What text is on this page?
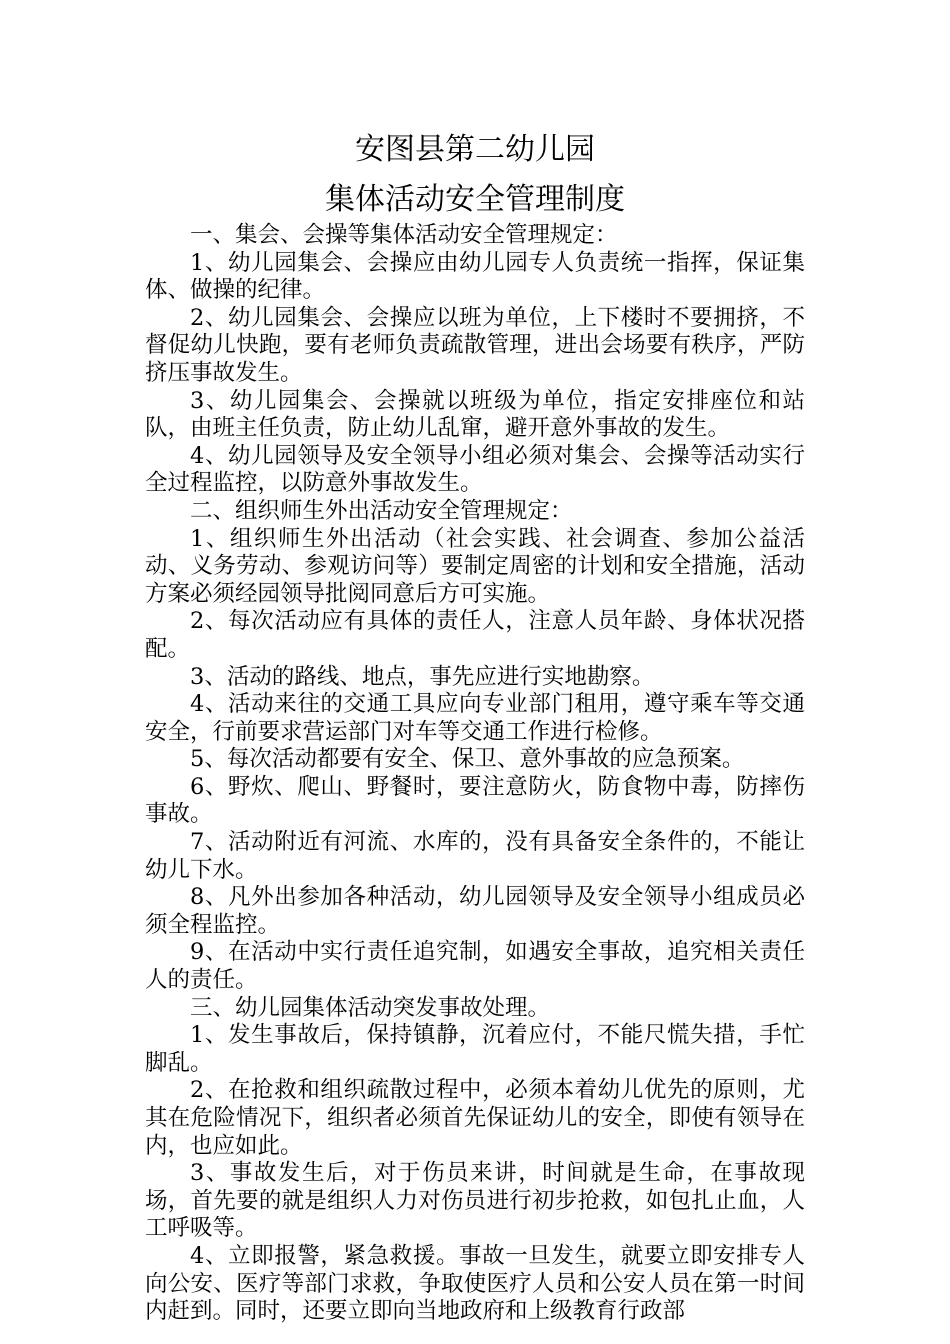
安图县第二幼儿园
集体活动安全管理制度

一、集会、会操等集体活动安全管理规定：

1、幼儿园集会、会操应由幼儿园专人负责统一指挥，保证集体、做操的纪律。

2、幼儿园集会、会操应以班为单位，上下楼时不要拥挤，不督促幼儿快跑，要有老师负责疏散管理，进出会场要有秩序，严防挤压事故发生。

3、幼儿园集会、会操就以班级为单位，指定安排座位和站队，由班主任负责，防止幼儿乱窜，避开意外事故的发生。

4、幼儿园领导及安全领导小组必须对集会、会操等活动实行全过程监控，以防意外事故发生。

二、组织师生外出活动安全管理规定：

1、组织师生外出活动（社会实践、社会调查、参加公益活动、义务劳动、参观访问等）要制定周密的计划和安全措施，活动方案必须经园领导批阅同意后方可实施。

2、每次活动应有具体的责任人，注意人员年龄、身体状况搭配。

3、活动的路线、地点，事先应进行实地勘察。

4、活动来往的交通工具应向专业部门租用，遵守乘车等交通安全，行前要求营运部门对车等交通工作进行检修。

5、每次活动都要有安全、保卫、意外事故的应急预案。

6、野炊、爬山、野餐时，要注意防火，防食物中毒，防摔伤事故。

7、活动附近有河流、水库的，没有具备安全条件的，不能让幼儿下水。

8、凡外出参加各种活动，幼儿园领导及安全领导小组成员必须全程监控。

9、在活动中实行责任追究制，如遇安全事故，追究相关责任人的责任。

三、幼儿园集体活动突发事故处理。

1、发生事故后，保持镇静，沉着应付，不能尺慌失措，手忙脚乱。

2、在抢救和组织疏散过程中，必须本着幼儿优先的原则，尤其在危险情况下，组织者必须首先保证幼儿的安全，即使有领导在内，也应如此。

3、事故发生后，对于伤员来讲，时间就是生命，在事故现场，首先要的就是组织人力对伤员进行初步抢救，如包扎止血，人工呼吸等。

4、立即报警，紧急救援。事故一旦发生，就要立即安排专人向公安、医疗等部门求救，争取使医疗人员和公安人员在第一时间内赶到。同时，还要立即向当地政府和上级教育行政部
